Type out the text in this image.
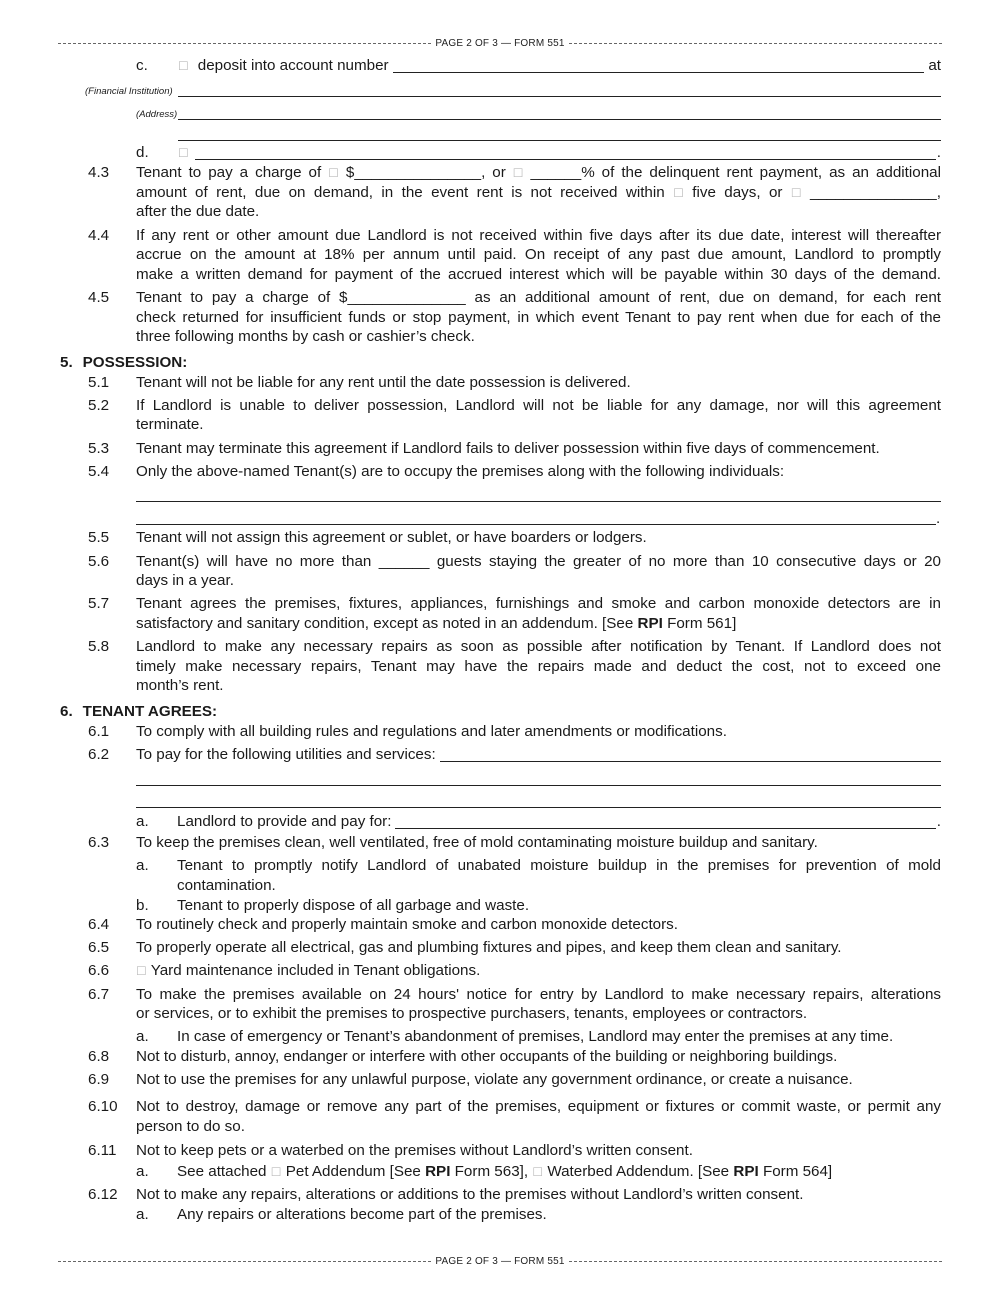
PAGE 2 OF 3 — FORM 551
c.	☐ deposit into account number	at
(Financial Institution)
(Address)
d. ☐	.
4.3 Tenant to pay a charge of ☐ $_______________, or ☐ ______% of the delinquent rent payment, as an additional
amount of rent, due on demand, in the event rent is not received within ☐ five days, or ☐ _______________,
after the due date.
4.4 If any rent or other amount due Landlord is not received within five days after its due date, interest will thereafter
accrue on the amount at 18% per annum until paid. On receipt of any past due amount, Landlord to promptly
make a written demand for payment of the accrued interest which will be payable within 30 days of the demand.
4.5 Tenant to pay a charge of $______________ as an additional amount of rent, due on demand, for each rent
check returned for insufficient funds or stop payment, in which event Tenant to pay rent when due for each of the
three following months by cash or cashier’s check.
5. POSSESSION:
5.1 Tenant will not be liable for any rent until the date possession is delivered.
5.2 If Landlord is unable to deliver possession, Landlord will not be liable for any damage, nor will this agreement
terminate.
5.3 Tenant may terminate this agreement if Landlord fails to deliver possession within five days of commencement.
5.4 Only the above-named Tenant(s) are to occupy the premises along with the following individuals:
.
5.5 Tenant will not assign this agreement or sublet, or have boarders or lodgers.
5.6 Tenant(s) will have no more than ______ guests staying the greater of no more than 10 consecutive days or 20
days in a year.
5.7 Tenant agrees the premises, fixtures, appliances, furnishings and smoke and carbon monoxide detectors are in
satisfactory and sanitary condition, except as noted in an addendum. [See RPI Form 561]
5.8 Landlord to make any necessary repairs as soon as possible after notification by Tenant. If Landlord does not
timely make necessary repairs, Tenant may have the repairs made and deduct the cost, not to exceed one
month’s rent.
6. TENANT AGREES:
6.1 To comply with all building rules and regulations and later amendments or modifications.
6.2 To pay for the following utilities and services:
a. Landlord to provide and pay for:	.
6.3 To keep the premises clean, well ventilated, free of mold contaminating moisture buildup and sanitary.
a. Tenant to promptly notify Landlord of unabated moisture buildup in the premises for prevention of mold
contamination.
b. Tenant to properly dispose of all garbage and waste.
6.4 To routinely check and properly maintain smoke and carbon monoxide detectors.
6.5 To properly operate all electrical, gas and plumbing fixtures and pipes, and keep them clean and sanitary.
6.6 ☐ Yard maintenance included in Tenant obligations.
6.7 To make the premises available on 24 hours' notice for entry by Landlord to make necessary repairs, alterations
or services, or to exhibit the premises to prospective purchasers, tenants, employees or contractors.
a. In case of emergency or Tenant’s abandonment of premises, Landlord may enter the premises at any time.
6.8 Not to disturb, annoy, endanger or interfere with other occupants of the building or neighboring buildings.
6.9 Not to use the premises for any unlawful purpose, violate any government ordinance, or create a nuisance.
6.10 Not to destroy, damage or remove any part of the premises, equipment or fixtures or commit waste, or permit any
person to do so.
6.11 Not to keep pets or a waterbed on the premises without Landlord’s written consent.
a. See attached ☐ Pet Addendum [See RPI Form 563], ☐ Waterbed Addendum. [See RPI Form 564]
6.12 Not to make any repairs, alterations or additions to the premises without Landlord’s written consent.
a. Any repairs or alterations become part of the premises.
PAGE 2 OF 3 — FORM 551
